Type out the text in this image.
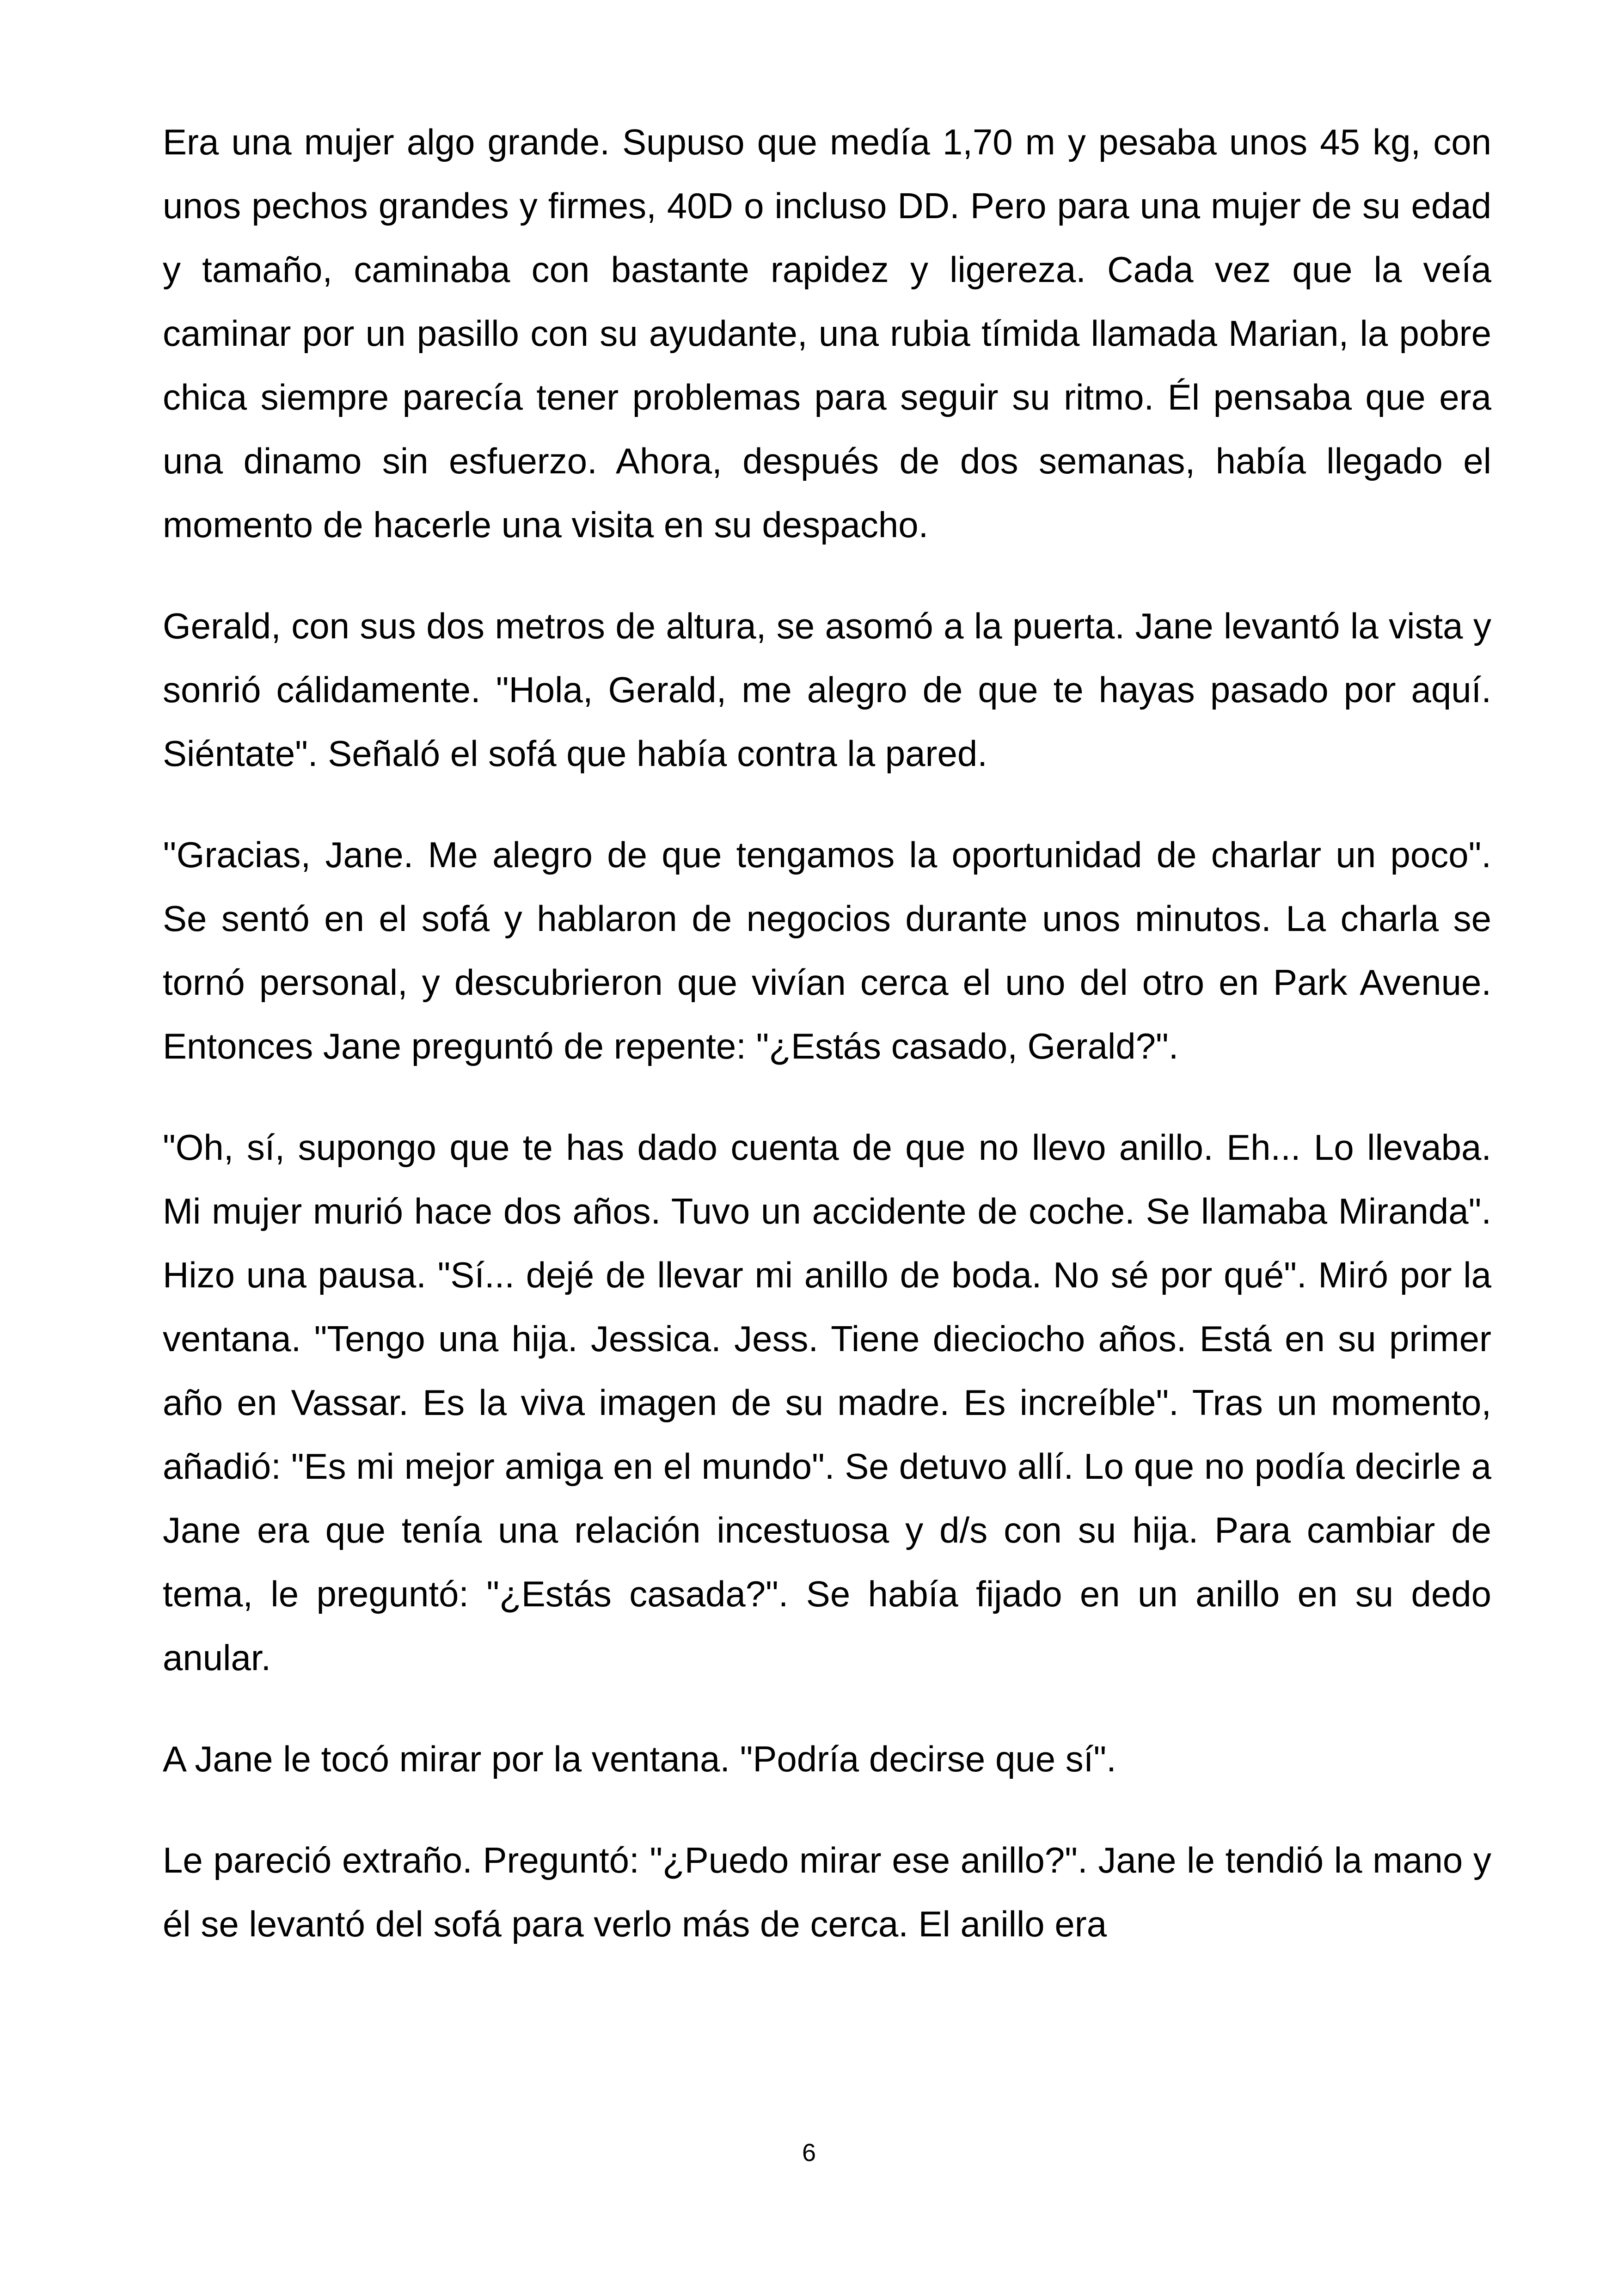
Era una mujer algo grande. Supuso que medía 1,70 m y pesaba unos 45 kg, con unos pechos grandes y firmes, 40D o incluso DD. Pero para una mujer de su edad y tamaño, caminaba con bastante rapidez y ligereza. Cada vez que la veía caminar por un pasillo con su ayudante, una rubia tímida llamada Marian, la pobre chica siempre parecía tener problemas para seguir su ritmo. Él pensaba que era una dinamo sin esfuerzo. Ahora, después de dos semanas, había llegado el momento de hacerle una visita en su despacho.

Gerald, con sus dos metros de altura, se asomó a la puerta. Jane levantó la vista y sonrió cálidamente. "Hola, Gerald, me alegro de que te hayas pasado por aquí. Siéntate". Señaló el sofá que había contra la pared.

''Gracias, Jane. Me alegro de que tengamos la oportunidad de charlar un poco". Se sentó en el sofá y hablaron de negocios durante unos minutos. La charla se tornó personal, y descubrieron que vivían cerca el uno del otro en Park Avenue. Entonces Jane preguntó de repente: "¿Estás casado, Gerald?".

"Oh, sí, supongo que te has dado cuenta de que no llevo anillo. Eh... Lo llevaba. Mi mujer murió hace dos años. Tuvo un accidente de coche. Se llamaba Miranda". Hizo una pausa. "Sí... dejé de llevar mi anillo de boda. No sé por qué". Miró por la ventana. "Tengo una hija. Jessica. Jess. Tiene dieciocho años. Está en su primer año en Vassar. Es la viva imagen de su madre. Es increíble". Tras un momento, añadió: "Es mi mejor amiga en el mundo". Se detuvo allí. Lo que no podía decirle a Jane era que tenía una relación incestuosa y d/s con su hija. Para cambiar de tema, le preguntó: "¿Estás casada?". Se había fijado en un anillo en su dedo anular.

A Jane le tocó mirar por la ventana. "Podría decirse que sí".

Le pareció extraño. Preguntó: "¿Puedo mirar ese anillo?". Jane le tendió la mano y él se levantó del sofá para verlo más de cerca. El anillo era

6
